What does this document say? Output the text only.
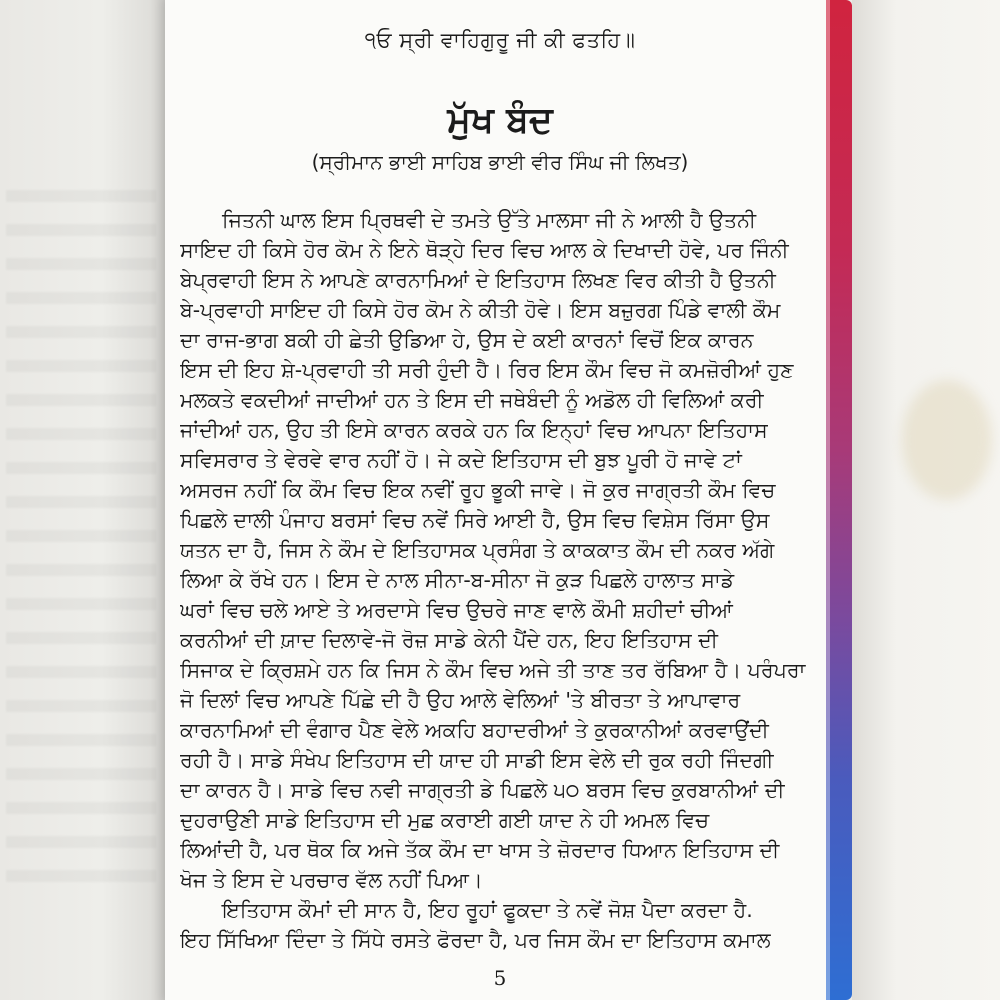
੧ਓ ਸ੍ਰੀ ਵਾਹਿਗੁਰੂ ਜੀ ਕੀ ਫਤਹਿ॥
ਮੁੱਖ ਬੰਦ
(ਸ੍ਰੀਮਾਨ ਭਾਈ ਸਾਹਿਬ ਭਾਈ ਵੀਰ ਸਿੰਘ ਜੀ ਲਿਖਤ)
ਜਿਤਨੀ ਘਾਲ ਇਸ ਪ੍ਰਿਥਵੀ ਦੇ ਤਮਤੇ ਉੱਤੇ ਮਾਲਸਾ ਜੀ ਨੇ ਆਲੀ ਹੈ ਉਤਨੀ
ਸਾਇਦ ਹੀ ਕਿਸੇ ਹੋਰ ਕੋਮ ਨੇ ਇਨੇ ਥੋੜ੍ਹੇ ਦਿਰ ਵਿਚ ਆਲ ਕੇ ਦਿਖਾਦੀ ਹੋਵੇ, ਪਰ ਜਿੰਨੀ
ਬੇਪ੍ਰਵਾਹੀ ਇਸ ਨੇ ਆਪਣੇ ਕਾਰਨਾਮਿਆਂ ਦੇ ਇਤਿਹਾਸ ਲਿਖਣ ਵਿਰ ਕੀਤੀ ਹੈ ਉਤਨੀ
ਬੇ-ਪ੍ਰਵਾਹੀ ਸਾਇਦ ਹੀ ਕਿਸੇ ਹੋਰ ਕੋਮ ਨੇ ਕੀਤੀ ਹੋਵੇ। ਇਸ ਬਜ਼ੁਰਗ ਪਿੰਡੇ ਵਾਲੀ ਕੌਮ
ਦਾ ਰਾਜ-ਭਾਗ ਬਕੀ ਹੀ ਛੇਤੀ ਉਡਿਆ ਹੇ, ਉਸ ਦੇ ਕਈ ਕਾਰਨਾਂ ਵਿਚੋਂ ਇਕ ਕਾਰਨ
ਇਸ ਦੀ ਇਹ ਸ਼ੇ-ਪ੍ਰਵਾਹੀ ਤੀ ਸਰੀ ਹੁੰਦੀ ਹੈ। ਰਿਰ ਇਸ ਕੌਮ ਵਿਚ ਜੋ ਕਮਜ਼ੋਰੀਆਂ ਹੁਣ
ਮਲਕਤੇ ਵਕਦੀਆਂ ਜਾਦੀਆਂ ਹਨ ਤੇ ਇਸ ਦੀ ਜਥੇਬੰਦੀ ਨੂੰ ਅਡੋਲ ਹੀ ਵਿਲਿਆਂ ਕਰੀ
ਜਾਂਦੀਆਂ ਹਨ, ਉਹ ਤੀ ਇਸੇ ਕਾਰਨ ਕਰਕੇ ਹਨ ਕਿ ਇਨ੍ਹਾਂ ਵਿਚ ਆਪਨਾ ਇਤਿਹਾਸ
ਸਵਿਸਰਾਰ ਤੇ ਵੇਰਵੇ ਵਾਰ ਨਹੀਂ ਹੋ। ਜੇ ਕਦੇ ਇਤਿਹਾਸ ਦੀ ਬੁਝ ਪੂਰੀ ਹੋ ਜਾਵੇ ਟਾਂ
ਅਸਰਜ ਨਹੀਂ ਕਿ ਕੌਮ ਵਿਚ ਇਕ ਨਵੀਂ ਰੂਹ ਭੂਕੀ ਜਾਵੇ। ਜੋ ਕੁਰ ਜਾਗ੍ਰਤੀ ਕੌਮ ਵਿਚ
ਪਿਛਲੇ ਦਾਲੀ ਪੰਜਾਹ ਬਰਸਾਂ ਵਿਚ ਨਵੇਂ ਸਿਰੇ ਆਈ ਹੈ, ਉਸ ਵਿਚ ਵਿਸ਼ੇਸ ਰਿੱਸਾ ਉਸ
ਯਤਨ ਦਾ ਹੈ, ਜਿਸ ਨੇ ਕੌਮ ਦੇ ਇਤਿਹਾਸਕ ਪ੍ਰਸੰਗ ਤੇ ਕਾਕਕਾਤ ਕੌਮ ਦੀ ਨਕਰ ਅੱਗੇ
ਲਿਆ ਕੇ ਰੱਖੇ ਹਨ। ਇਸ ਦੇ ਨਾਲ ਸੀਨਾ-ਬ-ਸੀਨਾ ਜੋ ਕੁੜ ਪਿਛਲੇ ਹਾਲਾਤ ਸਾਡੇ
ਘਰਾਂ ਵਿਚ ਚਲੇ ਆਏ ਤੇ ਅਰਦਾਸੇ ਵਿਚ ਉਚਰੇ ਜਾਣ ਵਾਲੇ ਕੌਮੀ ਸ਼ਹੀਦਾਂ ਚੀਆਂ
ਕਰਨੀਆਂ ਦੀ ਯ਼ਾਦ ਦਿਲਾਵੇ-ਜੋ ਰੋਜ਼ ਸਾਡੇ ਕੇਨੀ ਪੈਂਦੇ ਹਨ, ਇਹ ਇਤਿਹਾਸ ਦੀ
ਸਿਜਾਕ ਦੇ ਕ੍ਰਿਸ਼ਮੇ ਹਨ ਕਿ ਜਿਸ ਨੇ ਕੌਮ ਵਿਚ ਅਜੇ ਤੀ ਤਾਣ ਤਰ ਰੱਬਿਆ ਹੈ। ਪਰੰਪਰਾ
ਜੋ ਦਿਲਾਂ ਵਿਚ ਆਪਣੇ ਪਿੱਛੇ ਦੀ ਹੈ ਉਹ ਆਲੇ ਵੇਲਿਆਂ 'ਤੇ ਬੀਰਤਾ ਤੇ ਆਪਾਵਾਰ
ਕਾਰਨਾਮਿਆਂ ਦੀ ਵੰਗਾਰ ਪੈਣ ਵੇਲੇ ਅਕਹਿ ਬਹਾਦਰੀਆਂ ਤੇ ਕੁਰਕਾਨੀਆਂ ਕਰਵਾਉਂਦੀ
ਰਹੀ ਹੈ। ਸਾਡੇ ਸੰਖੇਪ ਇਤਿਹਾਸ ਦੀ ਯਾਦ ਹੀ ਸਾਡੀ ਇਸ ਵੇਲੇ ਦੀ ਰੁਕ ਰਹੀ ਜਿੰਦਗੀ
ਦਾ ਕਾਰਨ ਹੈ। ਸਾਡੇ ਵਿਚ ਨਵੀ ਜਾਗ੍ਰਤੀ ਡੇ ਪਿਛਲੇ ੫੦ ਬਰਸ ਵਿਚ ਕੁਰਬਾਨੀਆਂ ਦੀ
ਦੁਹਰਾਉਣੀ ਸਾਡੇ ਇਤਿਹਾਸ ਦੀ ਮੁਛ ਕਰਾਈ ਗਈ ਯਾਦ ਨੇ ਹੀ ਅਮਲ ਵਿਚ
ਲਿਆਂਦੀ ਹੈ, ਪਰ ਥੋਕ ਕਿ ਅਜੇ ਤੱਕ ਕੌਮ ਦਾ ਖਾਸ ਤੇ ਜ਼ੋਰਦਾਰ ਧਿਆਨ ਇਤਿਹਾਸ ਦੀ
ਖੋਜ ਤੇ ਇਸ ਦੇ ਪਰਚਾਰ ਵੱਲ ਨਹੀਂ ਪਿਆ।
ਇਤਿਹਾਸ ਕੌਮਾਂ ਦੀ ਸਾਨ ਹੈ, ਇਹ ਰੂਹਾਂ ਫੂਕਦਾ ਤੇ ਨਵੇਂ ਜੋਸ਼ ਪੈਦਾ ਕਰਦਾ ਹੈ.
ਇਹ ਸਿੱਖਿਆ ਦਿੰਦਾ ਤੇ ਸਿੱਧੇ ਰਸਤੇ ਫੋਰਦਾ ਹੈ, ਪਰ ਜਿਸ ਕੌਮ ਦਾ ਇਤਿਹਾਸ ਕਮਾਲ
5
